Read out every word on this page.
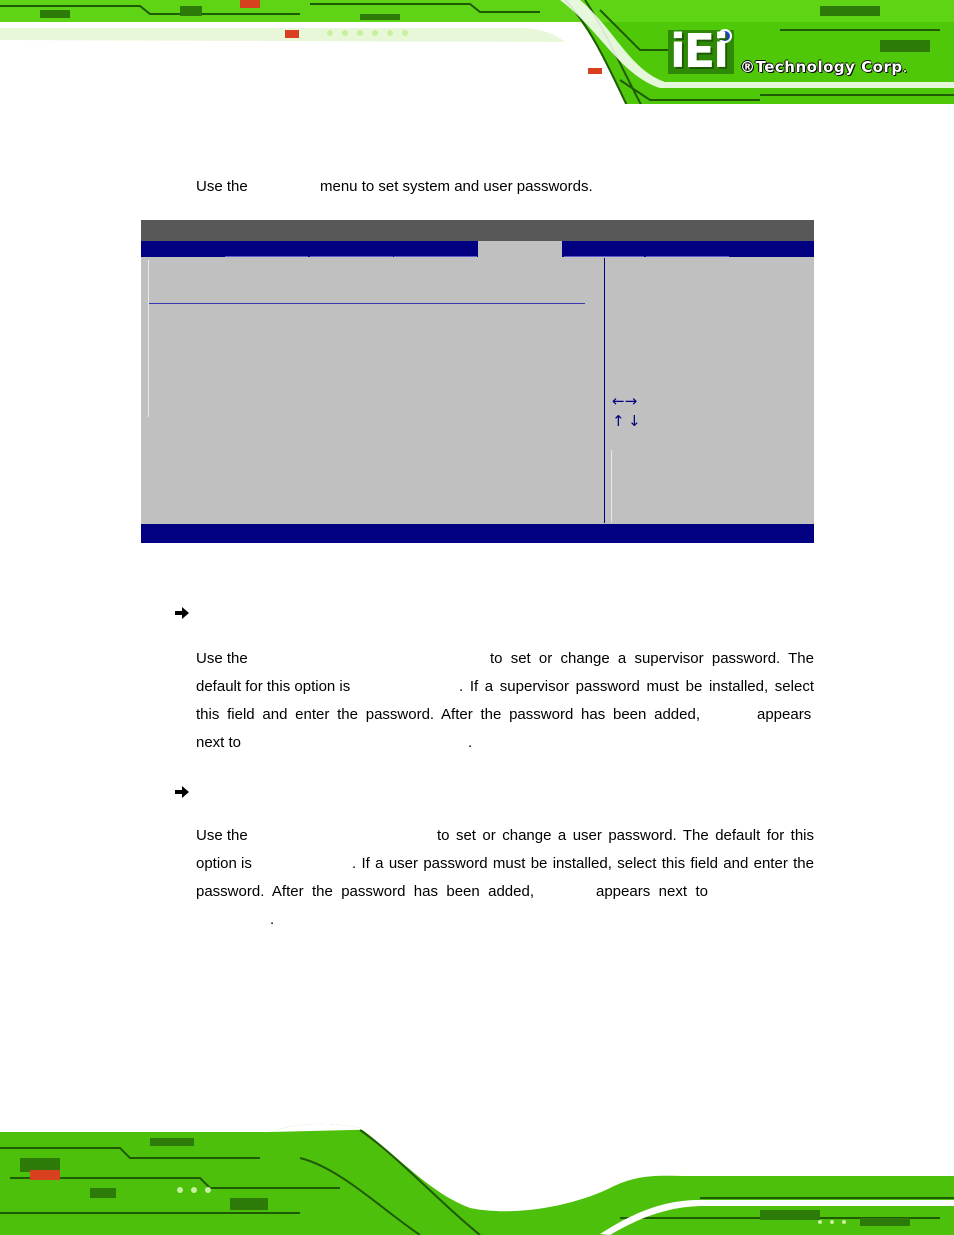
iEi ®Technology Corp.
Use the	menu to set system and user passwords.
←→
↑ ↓
Use the	to set or change a supervisor password. The
default for this option is	. If a supervisor password must be installed, select
this field and enter the password. After the password has been added,	appears
next to	.
Use the	to set or change a user password. The default for this
option is	. If a user password must be installed, select this field and enter the
password. After the password has been added,	appears next to
.
